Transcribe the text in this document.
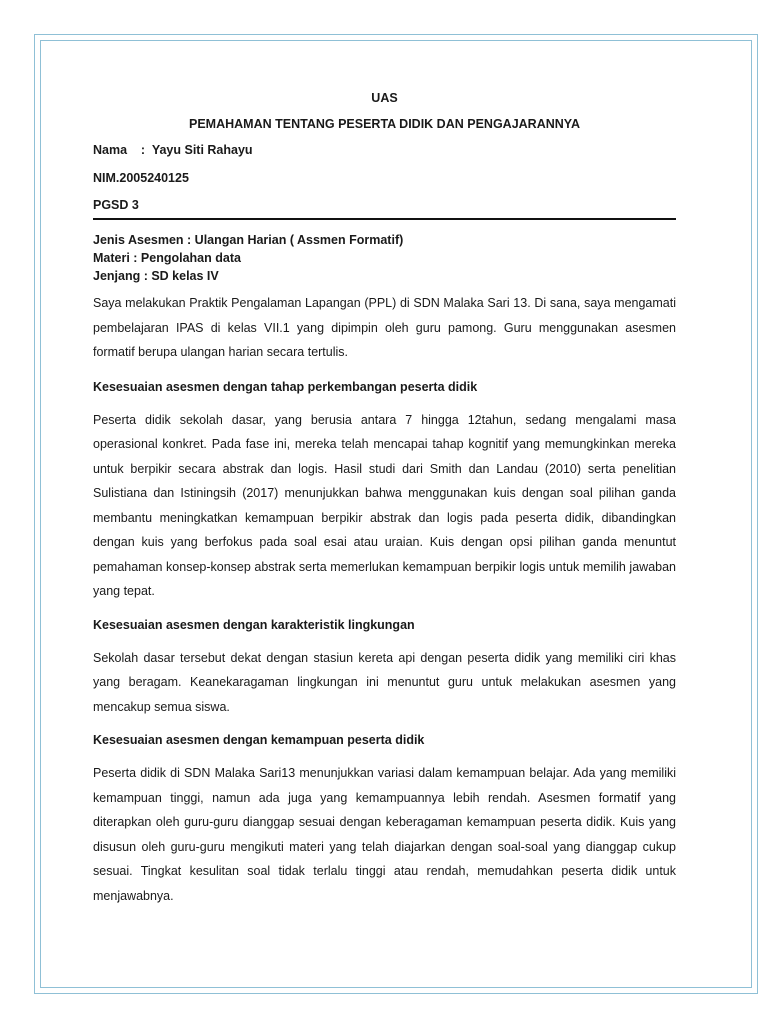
UAS
PEMAHAMAN TENTANG PESERTA DIDIK DAN PENGAJARANNYA
Nama    :  Yayu Siti Rahayu
NIM.2005240125
PGSD 3
Jenis Asesmen : Ulangan Harian ( Assmen Formatif)
Materi : Pengolahan data
Jenjang : SD kelas IV

Saya melakukan Praktik Pengalaman Lapangan (PPL) di SDN Malaka Sari 13. Di sana, saya mengamati pembelajaran IPAS di kelas VII.1 yang dipimpin oleh guru pamong. Guru menggunakan asesmen formatif berupa ulangan harian secara tertulis.

Kesesuaian asesmen dengan tahap perkembangan peserta didik

Peserta didik sekolah dasar, yang berusia antara 7 hingga 12tahun, sedang mengalami masa operasional konkret. Pada fase ini, mereka telah mencapai tahap kognitif yang memungkinkan mereka untuk berpikir secara abstrak dan logis. Hasil studi dari Smith dan Landau (2010) serta penelitian Sulistiana dan Istiningsih (2017) menunjukkan bahwa menggunakan kuis dengan soal pilihan ganda membantu meningkatkan kemampuan berpikir abstrak dan logis pada peserta didik, dibandingkan dengan kuis yang berfokus pada soal esai atau uraian. Kuis dengan opsi pilihan ganda menuntut pemahaman konsep-konsep abstrak serta memerlukan kemampuan berpikir logis untuk memilih jawaban yang tepat.

Kesesuaian asesmen dengan karakteristik lingkungan

Sekolah dasar tersebut dekat dengan stasiun kereta api dengan peserta didik yang memiliki ciri khas yang beragam. Keanekaragaman lingkungan ini menuntut guru untuk melakukan asesmen yang mencakup semua siswa.

Kesesuaian asesmen dengan kemampuan peserta didik

Peserta didik di SDN Malaka Sari13 menunjukkan variasi dalam kemampuan belajar. Ada yang memiliki kemampuan tinggi, namun ada juga yang kemampuannya lebih rendah. Asesmen formatif yang diterapkan oleh guru-guru dianggap sesuai dengan keberagaman kemampuan peserta didik. Kuis yang disusun oleh guru-guru mengikuti materi yang telah diajarkan dengan soal-soal yang dianggap cukup sesuai. Tingkat kesulitan soal tidak terlalu tinggi atau rendah, memudahkan peserta didik untuk menjawabnya.
